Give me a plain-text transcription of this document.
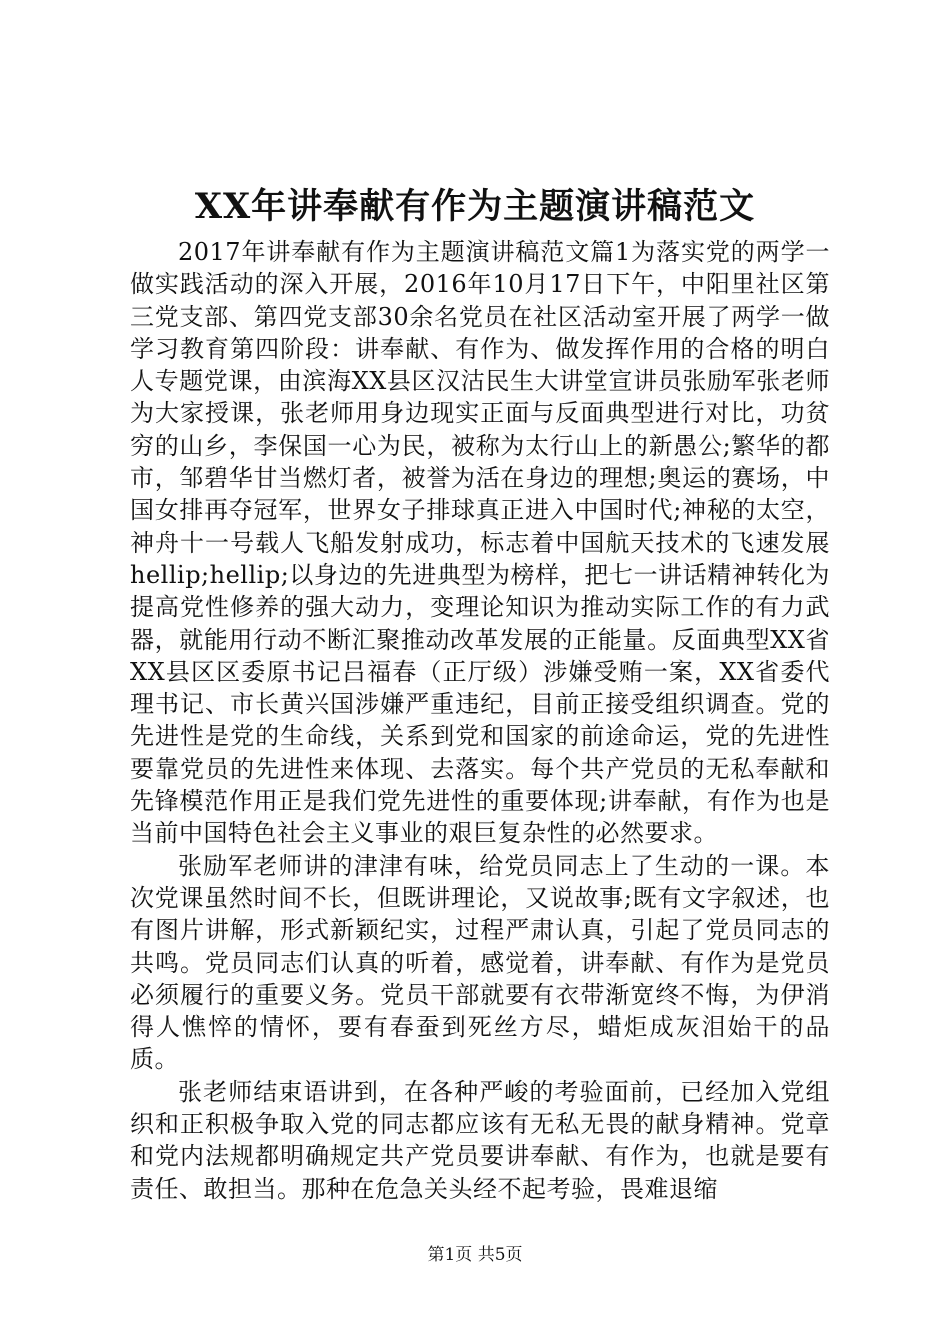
XX年讲奉献有作为主题演讲稿范文

2017年讲奉献有作为主题演讲稿范文篇1为落实党的两学一做实践活动的深入开展，2016年10月17日下午，中阳里社区第三党支部、第四党支部30余名党员在社区活动室开展了两学一做学习教育第四阶段：讲奉献、有作为、做发挥作用的合格的明白人专题党课，由滨海XX县区汉沽民生大讲堂宣讲员张励军张老师为大家授课，张老师用身边现实正面与反面典型进行对比，功贫穷的山乡，李保国一心为民，被称为太行山上的新愚公;繁华的都市，邹碧华甘当燃灯者，被誉为活在身边的理想;奥运的赛场，中国女排再夺冠军，世界女子排球真正进入中国时代;神秘的太空，神舟十一号载人飞船发射成功，标志着中国航天技术的飞速发展hellip;hellip;以身边的先进典型为榜样，把七一讲话精神转化为提高党性修养的强大动力，变理论知识为推动实际工作的有力武器，就能用行动不断汇聚推动改革发展的正能量。反面典型XX省XX县区区委原书记吕福春（正厅级）涉嫌受贿一案，XX省委代理书记、市长黄兴国涉嫌严重违纪，目前正接受组织调查。党的先进性是党的生命线，关系到党和国家的前途命运，党的先进性要靠党员的先进性来体现、去落实。每个共产党员的无私奉献和先锋模范作用正是我们党先进性的重要体现;讲奉献，有作为也是当前中国特色社会主义事业的艰巨复杂性的必然要求。

张励军老师讲的津津有味，给党员同志上了生动的一课。本次党课虽然时间不长，但既讲理论，又说故事;既有文字叙述，也有图片讲解，形式新颖纪实，过程严肃认真，引起了党员同志的共鸣。党员同志们认真的听着，感觉着，讲奉献、有作为是党员必须履行的重要义务。党员干部就要有衣带渐宽终不悔，为伊消得人憔悴的情怀，要有春蚕到死丝方尽，蜡炬成灰泪始干的品质。

张老师结束语讲到，在各种严峻的考验面前，已经加入党组织和正积极争取入党的同志都应该有无私无畏的献身精神。党章和党内法规都明确规定共产党员要讲奉献、有作为，也就是要有责任、敢担当。那种在危急关头经不起考验，畏难退缩

第1页 共5页
